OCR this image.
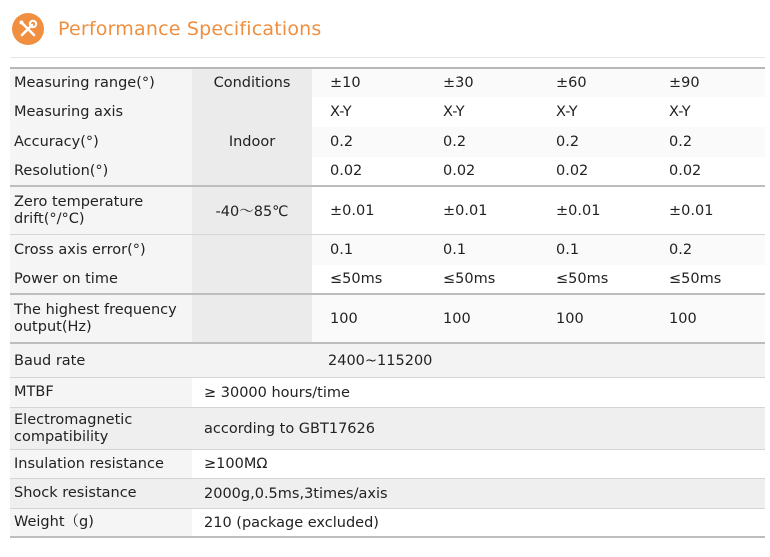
Performance Specifications
Measuring range(°)	Conditions	±10	±30	±60	±90
Measuring axis		X-Y	X-Y	X-Y	X-Y
Accuracy(°)	Indoor	0.2	0.2	0.2	0.2
Resolution(°)		0.02	0.02	0.02	0.02
Zero temperature
drift(°/°C)	-40～85℃	±0.01	±0.01	±0.01	±0.01
Cross axis error(°)		0.1	0.1	0.1	0.2
Power on time		≤50ms	≤50ms	≤50ms	≤50ms
The highest frequency
output(Hz)		100	100	100	100
Baud rate 2400~115200					
MTBF	≥ 30000 hours/time				
Electromagnetic
compatibility	according to GBT17626				
Insulation resistance	≥100MΩ				
Shock resistance	2000g,0.5ms,3times/axis				
Weight（g)	210 (package excluded)				
